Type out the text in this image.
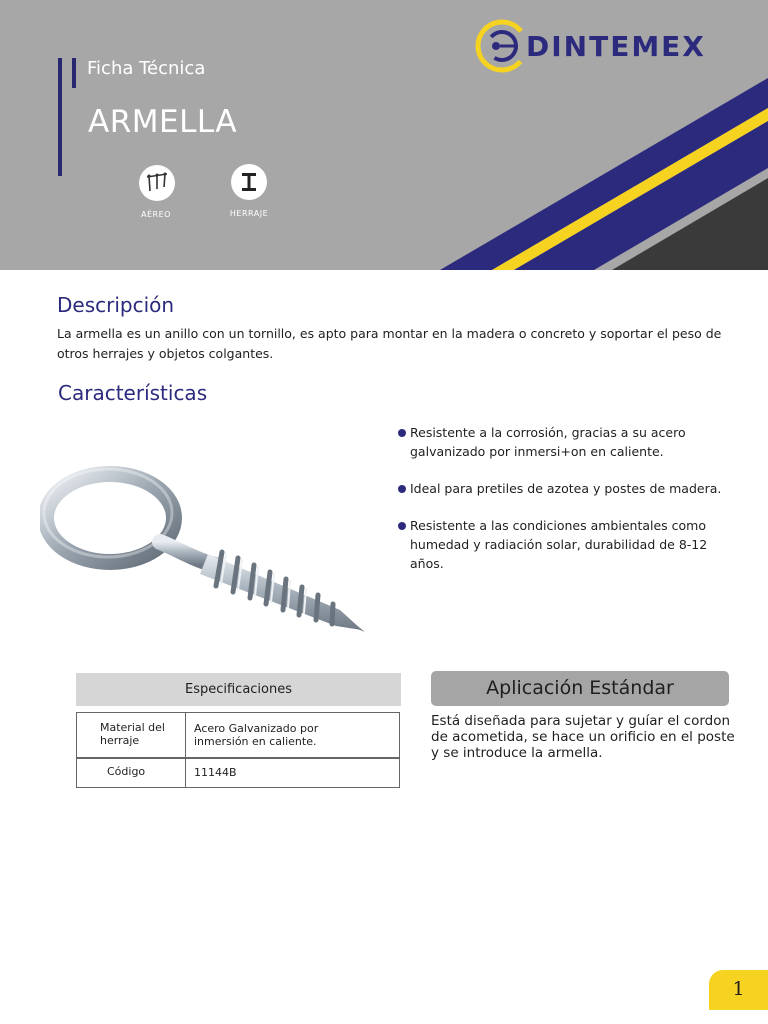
Ficha Técnica
ARMELLA
AÉREO	HERRAJE
DINTEMEX
Descripción
La armella es un anillo con un tornillo, es apto para montar en la madera o concreto y soportar el peso de otros herrajes y objetos colgantes.
Características
Resistente a la corrosión, gracias a su acero galvanizado por inmersi+on en caliente.
Ideal para pretiles de azotea y postes de madera.
Resistente a las condiciones ambientales como humedad y radiación solar, durabilidad de 8-12 años.
Especificaciones
Material del herraje
Acero Galvanizado por inmersión en caliente.
Código	11144B
Aplicación Estándar
Está diseñada para sujetar y guíar el cordon de acometida, se hace un orificio en el poste y se introduce la armella.
1
